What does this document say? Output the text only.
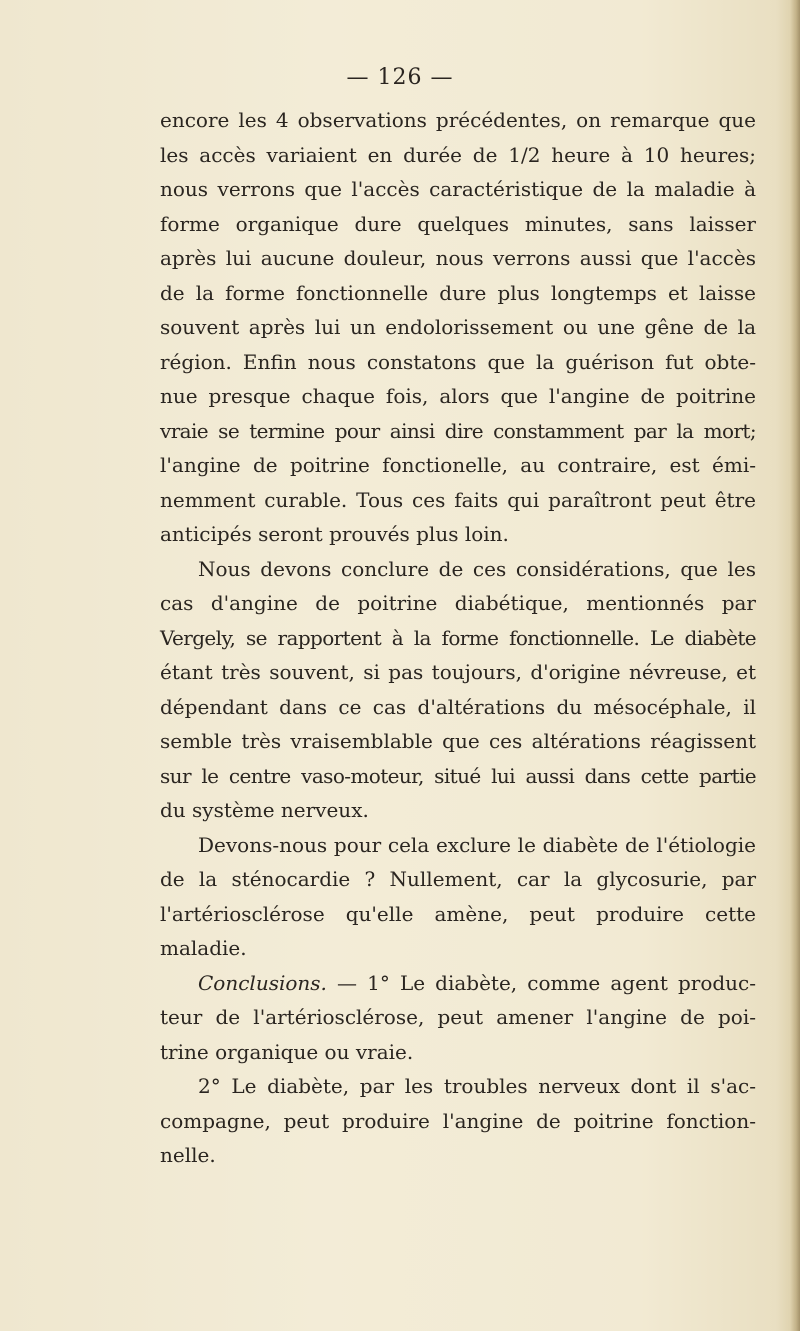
— 126 —
encore les 4 observations précédentes, on remarque que
les accès variaient en durée de 1/2 heure à 10 heures;
nous verrons que l'accès caractéristique de la maladie à
forme organique dure quelques minutes, sans laisser
après lui aucune douleur, nous verrons aussi que l'accès
de la forme fonctionnelle dure plus longtemps et laisse
souvent après lui un endolorissement ou une gêne de la
région. Enfin nous constatons que la guérison fut obte-
nue presque chaque fois, alors que l'angine de poitrine
vraie se termine pour ainsi dire constamment par la mort;
l'angine de poitrine fonctionelle, au contraire, est émi-
nemment curable. Tous ces faits qui paraîtront peut être
anticipés seront prouvés plus loin.
Nous devons conclure de ces considérations, que les
cas d'angine de poitrine diabétique, mentionnés par
Vergely, se rapportent à la forme fonctionnelle. Le diabète
étant très souvent, si pas toujours, d'origine névreuse, et
dépendant dans ce cas d'altérations du mésocéphale, il
semble très vraisemblable que ces altérations réagissent
sur le centre vaso-moteur, situé lui aussi dans cette partie
du système nerveux.
Devons-nous pour cela exclure le diabète de l'étiologie
de la sténocardie ? Nullement, car la glycosurie, par
l'artériosclérose qu'elle amène, peut produire cette
maladie.
Conclusions. — 1° Le diabète, comme agent produc-
teur de l'artériosclérose, peut amener l'angine de poi-
trine organique ou vraie.
2° Le diabète, par les troubles nerveux dont il s'ac-
compagne, peut produire l'angine de poitrine fonction-
nelle.
